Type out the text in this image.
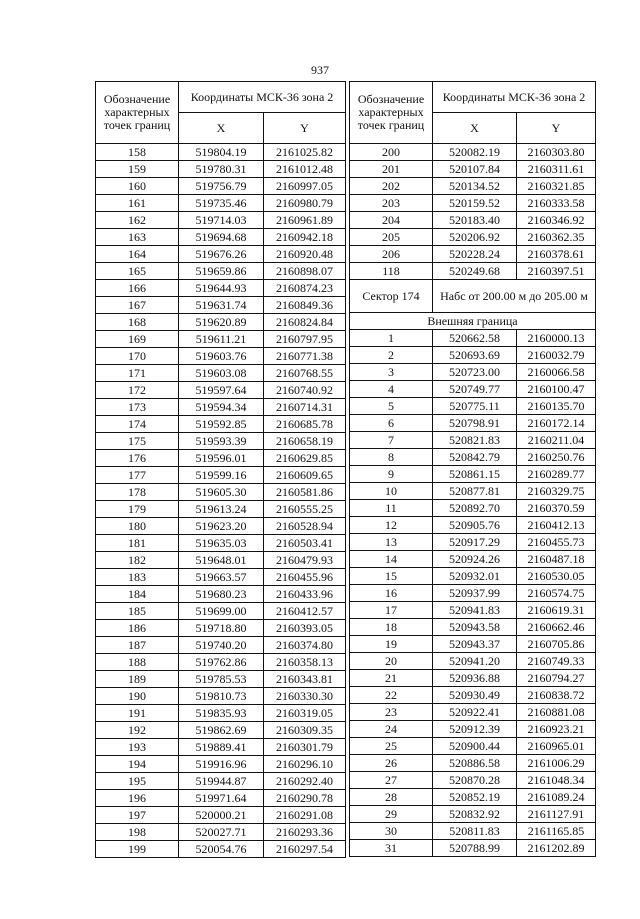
937
Обозначение характерных точек границ	Координаты МСК-36 зона 2	
	X	Y
158	519804.19	2161025.82
159	519780.31	2161012.48
160	519756.79	2160997.05
161	519735.46	2160980.79
162	519714.03	2160961.89
163	519694.68	2160942.18
164	519676.26	2160920.48
165	519659.86	2160898.07
166	519644.93	2160874.23
167	519631.74	2160849.36
168	519620.89	2160824.84
169	519611.21	2160797.95
170	519603.76	2160771.38
171	519603.08	2160768.55
172	519597.64	2160740.92
173	519594.34	2160714.31
174	519592.85	2160685.78
175	519593.39	2160658.19
176	519596.01	2160629.85
177	519599.16	2160609.65
178	519605.30	2160581.86
179	519613.24	2160555.25
180	519623.20	2160528.94
181	519635.03	2160503.41
182	519648.01	2160479.93
183	519663.57	2160455.96
184	519680.23	2160433.96
185	519699.00	2160412.57
186	519718.80	2160393.05
187	519740.20	2160374.80
188	519762.86	2160358.13
189	519785.53	2160343.81
190	519810.73	2160330.30
191	519835.93	2160319.05
192	519862.69	2160309.35
193	519889.41	2160301.79
194	519916.96	2160296.10
195	519944.87	2160292.40
196	519971.64	2160290.78
197	520000.21	2160291.08
198	520027.71	2160293.36
199	520054.76	2160297.54
Обозначение характерных точек границ	Координаты МСК-36 зона 2	
	X	Y
200	520082.19	2160303.80
201	520107.84	2160311.61
202	520134.52	2160321.85
203	520159.52	2160333.58
204	520183.40	2160346.92
205	520206.92	2160362.35
206	520228.24	2160378.61
118	520249.68	2160397.51
Сектор 174	Набс от 200.00 м до 205.00 м	
Внешняя граница		
1	520662.58	2160000.13
2	520693.69	2160032.79
3	520723.00	2160066.58
4	520749.77	2160100.47
5	520775.11	2160135.70
6	520798.91	2160172.14
7	520821.83	2160211.04
8	520842.79	2160250.76
9	520861.15	2160289.77
10	520877.81	2160329.75
11	520892.70	2160370.59
12	520905.76	2160412.13
13	520917.29	2160455.73
14	520924.26	2160487.18
15	520932.01	2160530.05
16	520937.99	2160574.75
17	520941.83	2160619.31
18	520943.58	2160662.46
19	520943.37	2160705.86
20	520941.20	2160749.33
21	520936.88	2160794.27
22	520930.49	2160838.72
23	520922.41	2160881.08
24	520912.39	2160923.21
25	520900.44	2160965.01
26	520886.58	2161006.29
27	520870.28	2161048.34
28	520852.19	2161089.24
29	520832.92	2161127.91
30	520811.83	2161165.85
31	520788.99	2161202.89
